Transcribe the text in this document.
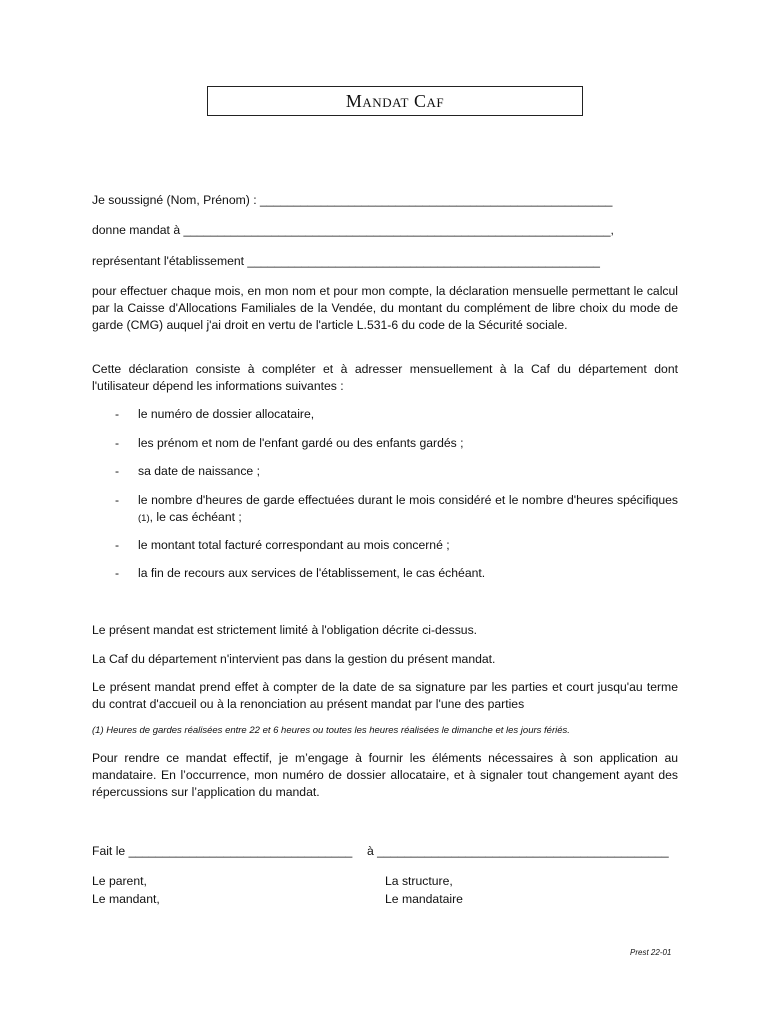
Mandat Caf
Je soussigné (Nom, Prénom) : ____________________________________________________
donne mandat à _______________________________________________________________,
représentant l'établissement ____________________________________________________
pour effectuer chaque mois, en mon nom et pour mon compte, la déclaration mensuelle permettant le calcul par la Caisse d'Allocations Familiales de la Vendée, du montant du complément de libre choix du mode de garde (CMG) auquel j'ai droit en vertu de l'article L.531-6 du code de la Sécurité sociale.
Cette déclaration consiste à compléter et à adresser mensuellement à la Caf du département dont l'utilisateur dépend les informations suivantes :
- le numéro de dossier allocataire,
- les prénom et nom de l'enfant gardé ou des enfants gardés ;
- sa date de naissance ;
- le nombre d'heures de garde effectuées durant le mois considéré et le nombre d'heures spécifiques (1), le cas échéant ;
- le montant total facturé correspondant au mois concerné ;
- la fin de recours aux services de l'établissement, le cas échéant.
Le présent mandat est strictement limité à l'obligation décrite ci-dessus.
La Caf du département n'intervient pas dans la gestion du présent mandat.
Le présent mandat prend effet à compter de la date de sa signature par les parties et court jusqu'au terme du contrat d'accueil ou à la renonciation au présent mandat par l'une des parties
(1) Heures de gardes réalisées entre 22 et 6 heures ou toutes les heures réalisées le dimanche et les jours fériés.
Pour rendre ce mandat effectif, je m’engage à fournir les éléments nécessaires à son application au mandataire. En l’occurrence, mon numéro de dossier allocataire, et à signaler tout changement ayant des répercussions sur l’application du mandat.
Fait le _________________________________ à ___________________________________________
Le parent,
Le mandant,
La structure,
Le mandataire
Prest 22-01
